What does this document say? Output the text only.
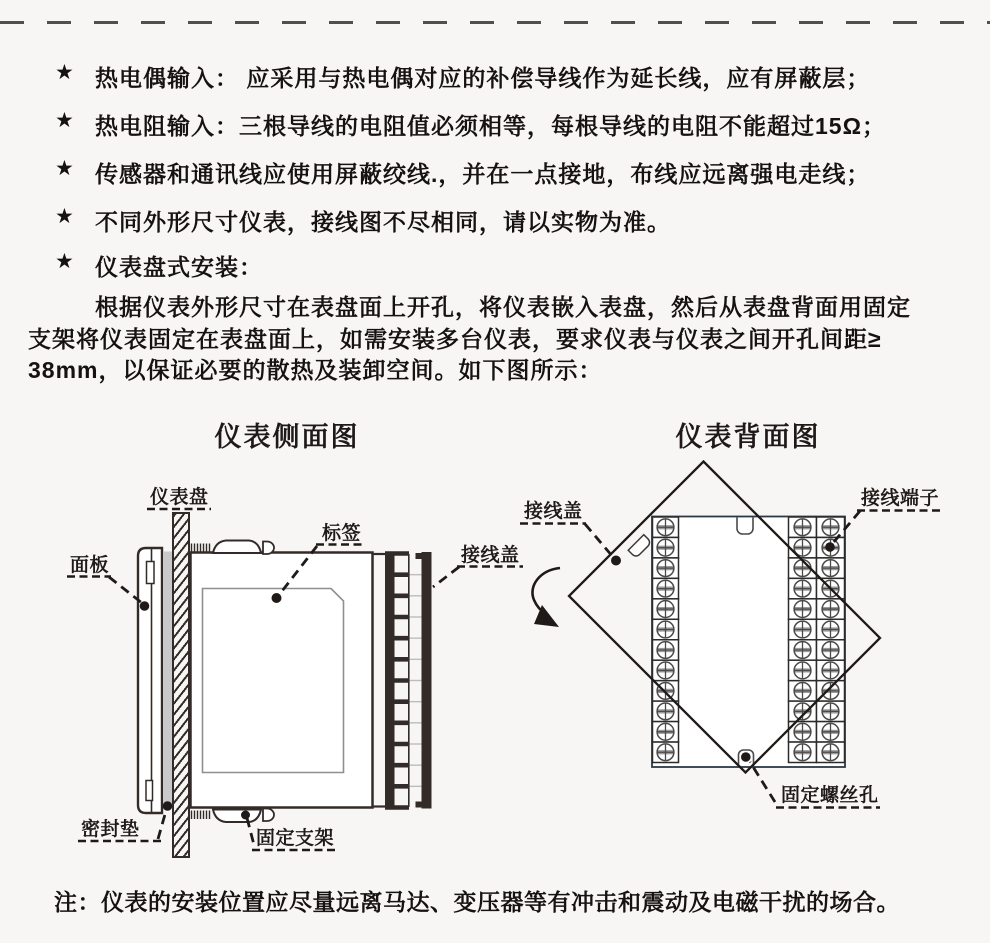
★ 热电偶输入： 应采用与热电偶对应的补偿导线作为延长线，应有屏蔽层；
★ 热电阻输入：三根导线的电阻值必须相等，每根导线的电阻不能超过15Ω；
★ 传感器和通讯线应使用屏蔽绞线.，并在一点接地，布线应远离强电走线；
★ 不同外形尺寸仪表，接线图不尽相同，请以实物为准。
★ 仪表盘式安装：
根据仪表外形尺寸在表盘面上开孔，将仪表嵌入表盘，然后从表盘背面用固定
支架将仪表固定在表盘面上，如需安装多台仪表，要求仪表与仪表之间开孔间距≥
38mm，以保证必要的散热及装卸空间。如下图所示：
仪表侧面图
仪表盘
面板
标签
接线盖
密封垫	固定支架
仪表背面图
接线盖
接线端子
固定螺丝孔
注：仪表的安装位置应尽量远离马达、变压器等有冲击和震动及电磁干扰的场合。
